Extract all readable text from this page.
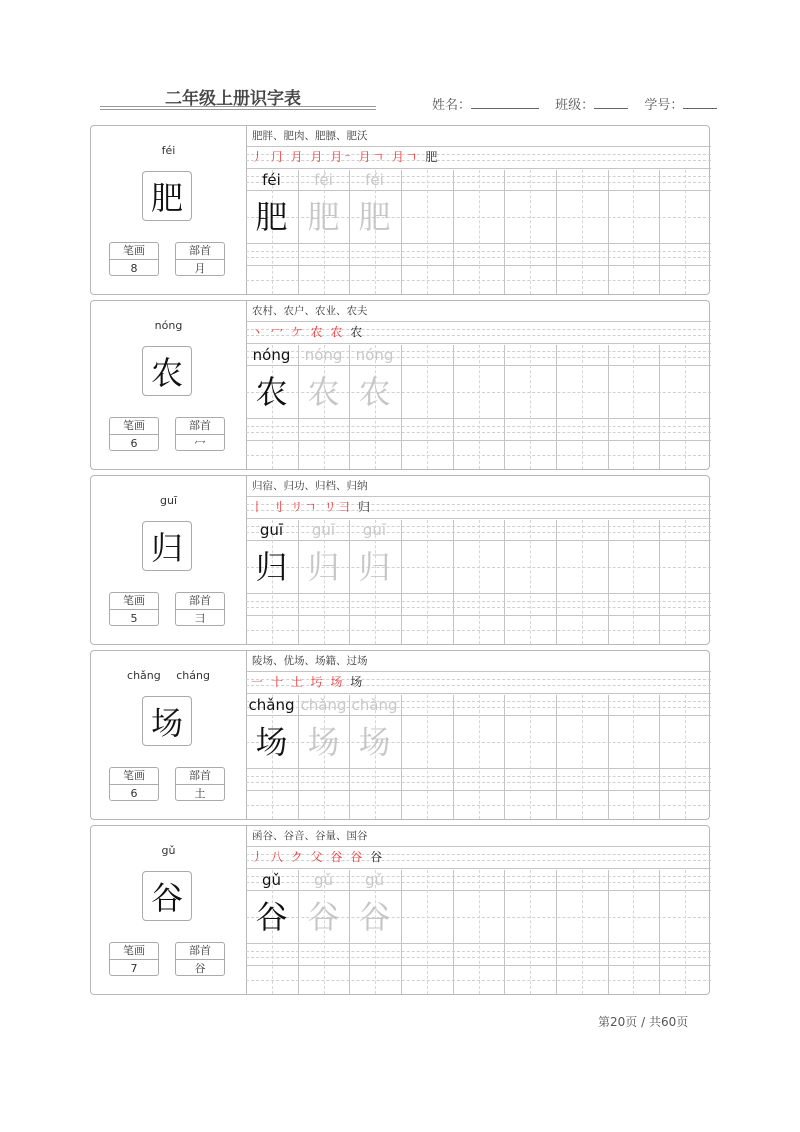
二年级上册识字表	姓名：	班级：	学号：
féi
肥
笔画
8
部首
月
肥胖、肥肉、肥膘、肥沃
丿 ⺆ 月 月 月⁻ 月ㄱ 月ㄱ 肥
féi
肥
féi
肥
féi
肥
nóng
农
笔画
6
部首
冖
农村、农户、农业、农夫
丶 冖 ケ 农 农 农
nóng
农
nóng
农
nóng
农
guī
归
笔画
5
部首
彐
归宿、归功、归档、归纳
丨 刂 リㄱ リ彐 归
guī
归
guī
归
guī
归
chǎng cháng
场
笔画
6
部首
土
陵场、优场、场籍、过场
一 十 土 圬 场 场
chǎng
场
chǎng
场
chǎng
场
gǔ
谷
笔画
7
部首
谷
函谷、谷音、谷量、国谷
丿 八 ク 父 谷 谷 谷
gǔ
谷
gǔ
谷
gǔ
谷
第20页 / 共60页
